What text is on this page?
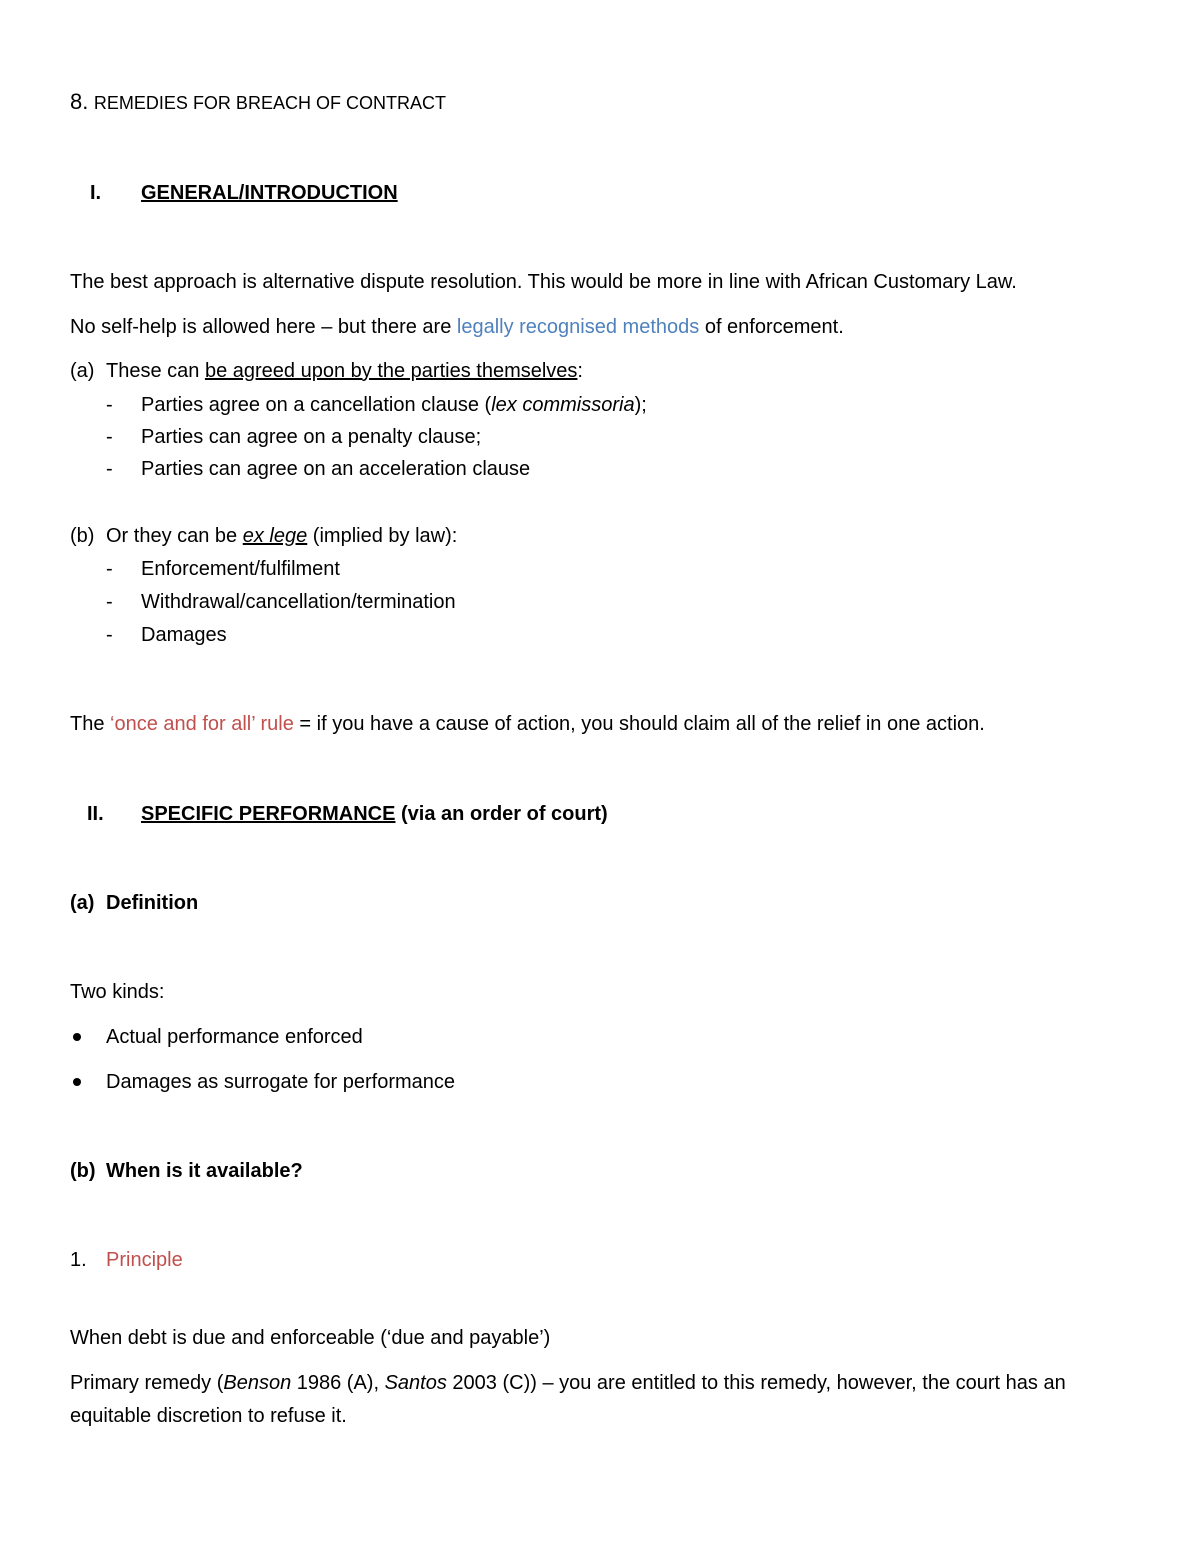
8. REMEDIES FOR BREACH OF CONTRACT
I. GENERAL/INTRODUCTION
The best approach is alternative dispute resolution. This would be more in line with African Customary Law.
No self-help is allowed here – but there are legally recognised methods of enforcement.
(a) These can be agreed upon by the parties themselves:
- Parties agree on a cancellation clause (lex commissoria);
- Parties can agree on a penalty clause;
- Parties can agree on an acceleration clause
(b) Or they can be ex lege (implied by law):
- Enforcement/fulfilment
- Withdrawal/cancellation/termination
- Damages
The ‘once and for all’ rule = if you have a cause of action, you should claim all of the relief in one action.
II. SPECIFIC PERFORMANCE (via an order of court)
(a) Definition
Two kinds:
Actual performance enforced
Damages as surrogate for performance
(b) When is it available?
1. Principle
When debt is due and enforceable (‘due and payable’)
Primary remedy (Benson 1986 (A), Santos 2003 (C)) – you are entitled to this remedy, however, the court has an
equitable discretion to refuse it.
